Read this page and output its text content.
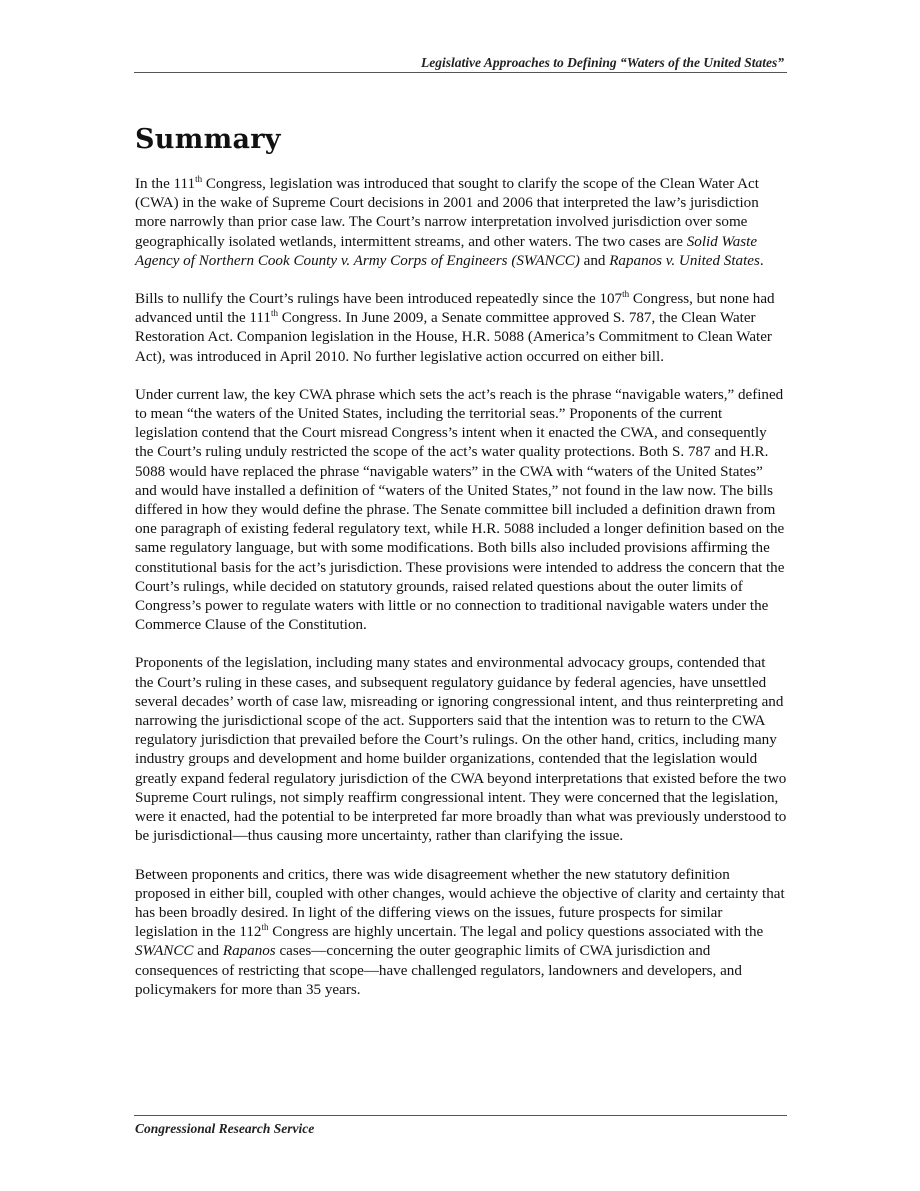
Legislative Approaches to Defining “Waters of the United States”
Summary

In the 111th Congress, legislation was introduced that sought to clarify the scope of the Clean Water Act (CWA) in the wake of Supreme Court decisions in 2001 and 2006 that interpreted the law’s jurisdiction more narrowly than prior case law. The Court’s narrow interpretation involved jurisdiction over some geographically isolated wetlands, intermittent streams, and other waters. The two cases are Solid Waste Agency of Northern Cook County v. Army Corps of Engineers (SWANCC) and Rapanos v. United States.

Bills to nullify the Court’s rulings have been introduced repeatedly since the 107th Congress, but none had advanced until the 111th Congress. In June 2009, a Senate committee approved S. 787, the Clean Water Restoration Act. Companion legislation in the House, H.R. 5088 (America’s Commitment to Clean Water Act), was introduced in April 2010. No further legislative action occurred on either bill.

Under current law, the key CWA phrase which sets the act’s reach is the phrase “navigable waters,” defined to mean “the waters of the United States, including the territorial seas.” Proponents of the current legislation contend that the Court misread Congress’s intent when it enacted the CWA, and consequently the Court’s ruling unduly restricted the scope of the act’s water quality protections. Both S. 787 and H.R. 5088 would have replaced the phrase “navigable waters” in the CWA with “waters of the United States” and would have installed a definition of “waters of the United States,” not found in the law now. The bills differed in how they would define the phrase. The Senate committee bill included a definition drawn from one paragraph of existing federal regulatory text, while H.R. 5088 included a longer definition based on the same regulatory language, but with some modifications. Both bills also included provisions affirming the constitutional basis for the act’s jurisdiction. These provisions were intended to address the concern that the Court’s rulings, while decided on statutory grounds, raised related questions about the outer limits of Congress’s power to regulate waters with little or no connection to traditional navigable waters under the Commerce Clause of the Constitution.

Proponents of the legislation, including many states and environmental advocacy groups, contended that the Court’s ruling in these cases, and subsequent regulatory guidance by federal agencies, have unsettled several decades’ worth of case law, misreading or ignoring congressional intent, and thus reinterpreting and narrowing the jurisdictional scope of the act. Supporters said that the intention was to return to the CWA regulatory jurisdiction that prevailed before the Court’s rulings. On the other hand, critics, including many industry groups and development and home builder organizations, contended that the legislation would greatly expand federal regulatory jurisdiction of the CWA beyond interpretations that existed before the two Supreme Court rulings, not simply reaffirm congressional intent. They were concerned that the legislation, were it enacted, had the potential to be interpreted far more broadly than what was previously understood to be jurisdictional—thus causing more uncertainty, rather than clarifying the issue.

Between proponents and critics, there was wide disagreement whether the new statutory definition proposed in either bill, coupled with other changes, would achieve the objective of clarity and certainty that has been broadly desired. In light of the differing views on the issues, future prospects for similar legislation in the 112th Congress are highly uncertain. The legal and policy questions associated with the SWANCC and Rapanos cases—concerning the outer geographic limits of CWA jurisdiction and consequences of restricting that scope—have challenged regulators, landowners and developers, and policymakers for more than 35 years.

Congressional Research Service
